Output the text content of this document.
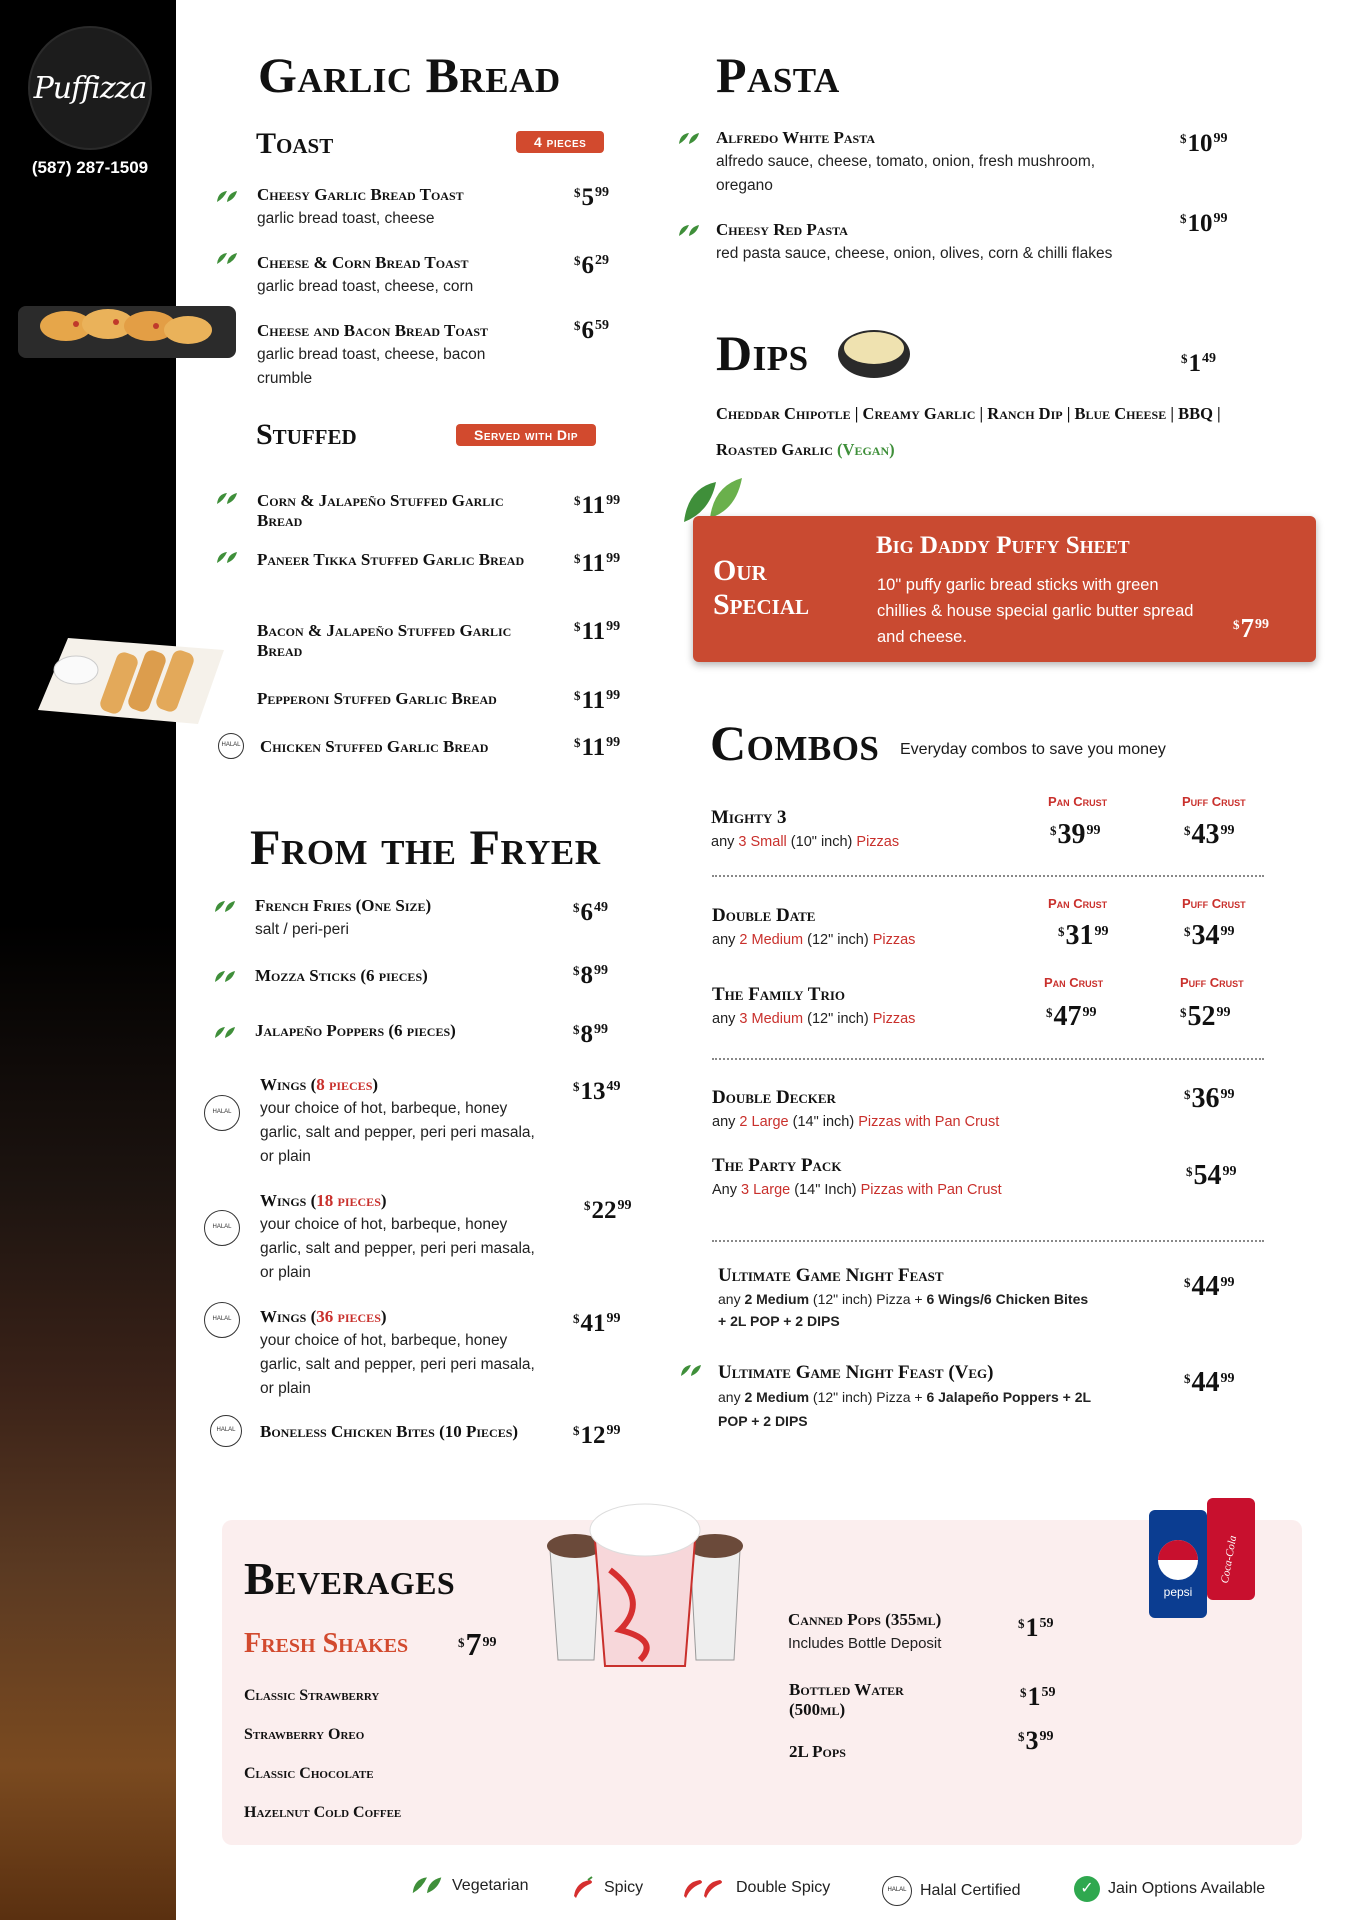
Puffizza
(587) 287-1509
Garlic Bread
Toast	4 pieces
Cheesy Garlic Bread Toast
garlic bread toast, cheese
$^{\$}5^{99}$
Cheese & Corn Bread Toast
garlic bread toast, cheese, corn
$^{\$}6^{29}$
Cheese and Bacon Bread Toast
garlic bread toast, cheese, bacon crumble
$^{\$}6^{59}$
Stuffed	Served with Dip
Corn & Jalapeño Stuffed Garlic Bread
$^{\$}11^{99}$
Paneer Tikka Stuffed Garlic Bread	$^{\$}11^{99}$
Bacon & Jalapeño Stuffed Garlic Bread
$^{\$}11^{99}$
Pepperoni Stuffed Garlic Bread	$^{\$}11^{99}$
HALAL Chicken Stuffed Garlic Bread	$^{\$}11^{99}$
From the Fryer
French Fries (One Size)
salt / peri-peri
$^{\$}6^{49}$
Mozza Sticks (6 pieces)	$^{\$}8^{99}$
Jalapeño Poppers (6 pieces)	$^{\$}8^{99}$
HALAL
Wings (8 pieces)
your choice of hot, barbeque, honey garlic, salt and pepper, peri peri masala, or plain
$^{\$}13^{49}$
HALAL
Wings (18 pieces)
your choice of hot, barbeque, honey garlic, salt and pepper, peri peri masala, or plain
$^{\$}22^{99}$
HALAL	Wings (36 pieces)
your choice of hot, barbeque, honey garlic, salt and pepper, peri peri masala, or plain
$^{\$}41^{99}$
HALAL	Boneless Chicken Bites (10 Pieces)	$^{\$}12^{99}$
Pasta
Alfredo White Pasta
alfredo sauce, cheese, tomato, onion, fresh mushroom, oregano
$^{\$}10^{99}$
Cheesy Red Pasta
red pasta sauce, cheese, onion, olives, corn & chilli flakes
$^{\$}10^{99}$
Dips	$^{\$}1^{49}$
Cheddar Chipotle | Creamy Garlic | Ranch Dip | Blue Cheese | BBQ |
Roasted Garlic (Vegan)
Our
Special
Big Daddy Puffy Sheet
10" puffy garlic bread sticks with green chillies & house special garlic butter spread and cheese.
$^{\$}7^{99}$
Combos Everyday combos to save you money
Pan Crust	Puff Crust
Mighty 3
any 3 Small (10" inch) Pizzas
$^{\$}39^{99}$	$^{\$}43^{99}$
Pan Crust	Puff Crust
Double Date
any 2 Medium (12" inch) Pizzas
$^{\$}31^{99}$	$^{\$}34^{99}$
Pan Crust	Puff Crust
The Family Trio
any 3 Medium (12" inch) Pizzas	$^{\$}47^{99}$	$^{\$}52^{99}$
Double Decker
any 2 Large (14" inch) Pizzas with Pan Crust
$^{\$}36^{99}$
The Party Pack
Any 3 Large (14" Inch) Pizzas with Pan Crust
$^{\$}54^{99}$
Ultimate Game Night Feast
any 2 Medium (12" inch) Pizza + 6 Wings/6 Chicken Bites
+ 2L POP + 2 DIPS
$^{\$}44^{99}$
Ultimate Game Night Feast (Veg)
any 2 Medium (12" inch) Pizza + 6 Jalapeño Poppers + 2L
POP + 2 DIPS
$^{\$}44^{99}$
Beverages
Fresh Shakes	$^{\$}7^{99}$
Classic Strawberry
Strawberry Oreo
Classic Chocolate
Hazelnut Cold Coffee
Canned Pops (355ml)
Includes Bottle Deposit
$^{\$}1^{59}$
Bottled Water (500ml)
$^{\$}1^{59}$
2L Pops
$^{\$}3^{99}$
pepsi
Coca-Cola
Vegetarian	Spicy	Double Spicy	HALAL Halal Certified	✓ Jain Options Available
